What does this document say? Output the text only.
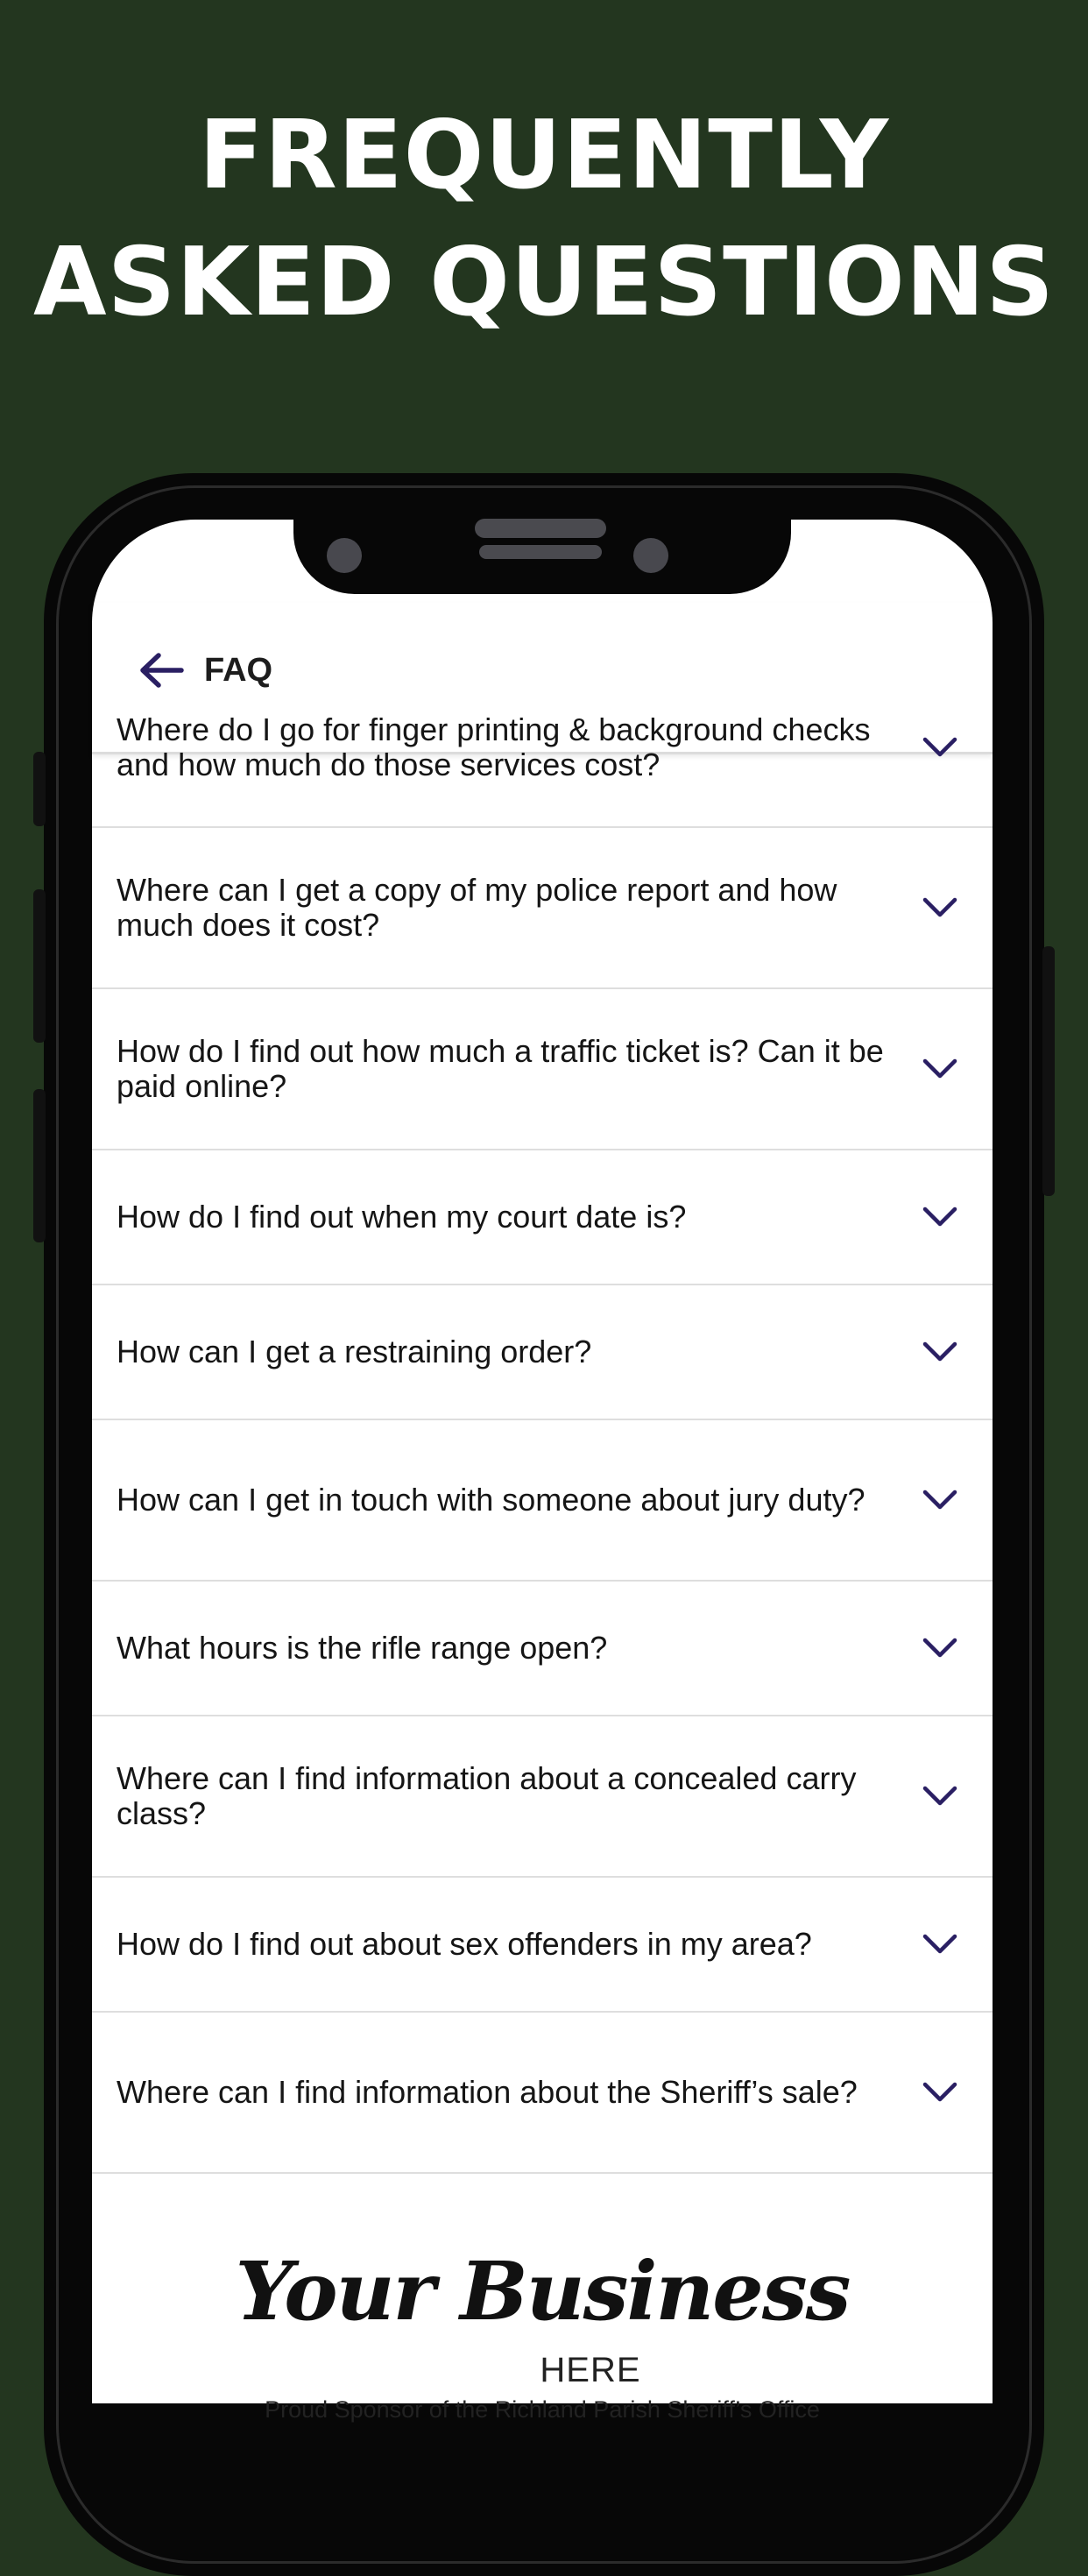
FREQUENTLY
ASKED QUESTIONS
FAQ
Where do I go for finger printing & background checks and how much do those services cost?
Where can I get a copy of my police report and how much does it cost?
How do I find out how much a traffic ticket is? Can it be paid online?
How do I find out when my court date is?
How can I get a restraining order?
How can I get in touch with someone about jury duty?
What hours is the rifle range open?
Where can I find information about a concealed carry class?
How do I find out about sex offenders in my area?
Where can I find information about the Sheriff’s sale?
Your Business
HERE
Proud Sponsor of the Richland Parish Sheriff’s Office
